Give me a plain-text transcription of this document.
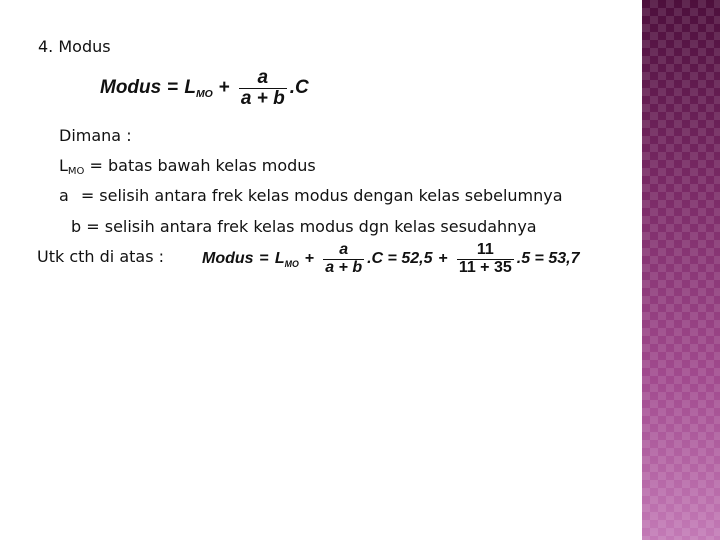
4. Modus
Modus = $L_{MO} + \frac{a}{a + b} .C$
Dimana :
$L_{MO}$ = batas bawah kelas modus
a = selisih antara frek kelas modus dengan kelas sebelumnya
b = selisih antara frek kelas modus dgn kelas sesudahnya
Utk cth di atas : Modus = $L_{MO} + \frac{a}{a + b} .C = 52,5 + \frac{11}{11 + 35} .5 = 53,7$
